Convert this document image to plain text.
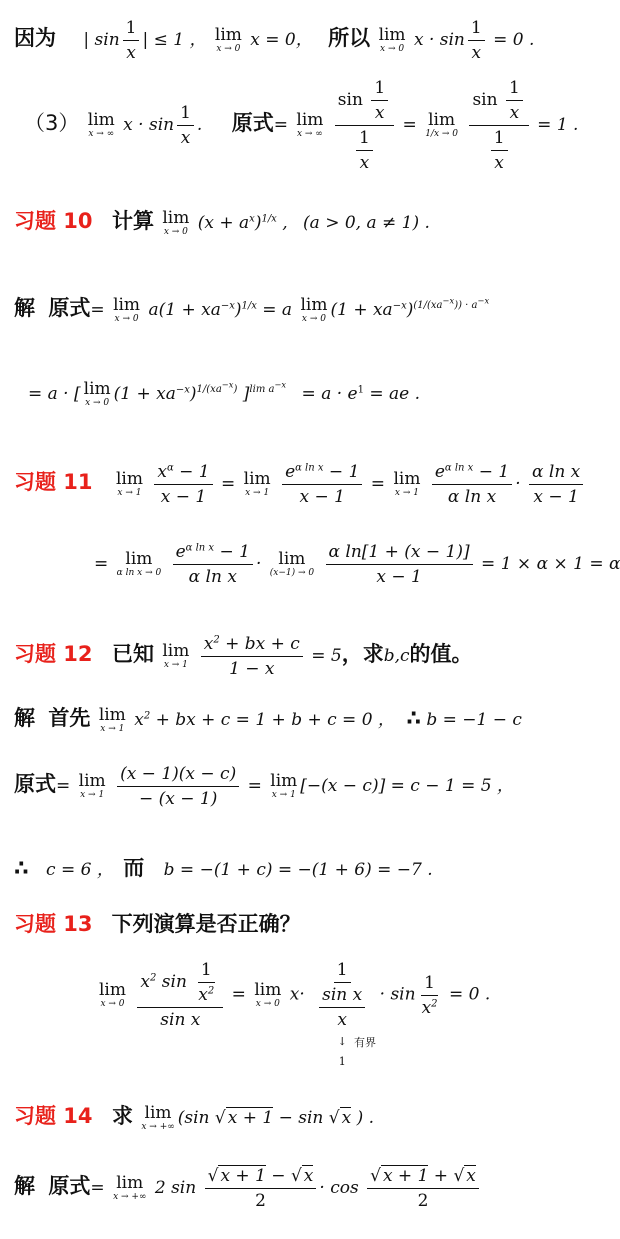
因为 | $\sin \frac{1}{x}$ | ≤ 1 ， lim
x → 0 x = 0， 所以 lim
x → 0 $x \cdot \sin \frac{1}{x} = 0$ .
（3） lim
x → ∞ $x \cdot \sin \frac{1}{x}$ . 原式= lim
x → ∞
$\frac{\sin \frac{1}{x}}{\frac{1}{x}} = \lim$
1/x → 0
$\frac{\sin \frac{1}{x}}{\frac{1}{x}} = 1$ .
习题 10 计算 lim
x → 0 $(x + a^x)^{1/x}$ , (a > 0, a ≠ 1) .
解 原式= lim
x → 0 $a(1 + xa^{-x})^{1/x} = a$ lim
x → 0 $(1 + xa^{-x})^{(1/(xa^{-x})) \cdot a^{-x}}$
= a · [ lim
x → 0 $(1 + xa^{-x})^{1/(xa^{-x})}$ ]$^{lim a^{-x}} = a \cdot e^1$ = ae .
习题 11 lim
x → 1
$\frac{x^\alpha - 1}{x - 1} = \lim$
x → 1
$\frac{e^{\alpha ln x} - 1}{x - 1} = \lim$
x → 1
$\frac{e^{\alpha ln x} - 1}{\text{α ln x}} \cdot \frac{\text{α ln x}}{x - 1}$
= lim
α ln x → 0
$\frac{e^{\alpha ln x} - 1}{\text{α ln x}} \cdot \lim$
(x−1) → 0
$\frac{\text{α ln[1 + (x − 1)]}}{x - 1} = 1 \times \alpha \times 1 = \alpha$
习题 12 已知 lim
x → 1
$\frac{x^2 + bx + c}{1 - x} = 5$，求b,c的值。
解 首先 lim
x → 1 $x^2$ + bx + c = 1 + b + c = 0 ， ∴ b = −1 − c
原式= lim
x → 1
$\frac{(x - 1)(x - c)}{- (x - 1)} = \lim$
x → 1 [−(x − c)] = c − 1 = 5 ，
∴ c = 6 ， 而 b = −(1 + c) = −(1 + 6) = −7 .
习题 13 下列演算是否正确？
lim
x → 0
$\frac{x^2 \sin \frac{1}{x^2}}{\text{sin x}} = \lim$
x → 0 x·
1
$\frac{\text{sin x}}{x}$

↓
1
· $\sin \frac{1}{x^2} = 0$ .
有界
习题 14 求 lim
x → +∞ (sin √ x + 1 − sin √ x ) .
解 原式= lim
x → +∞ 2 $\sin \frac{√ x + 1 - √ x}{2} \cdot \cos \frac{√ x + 1 + √ x}{2}$
